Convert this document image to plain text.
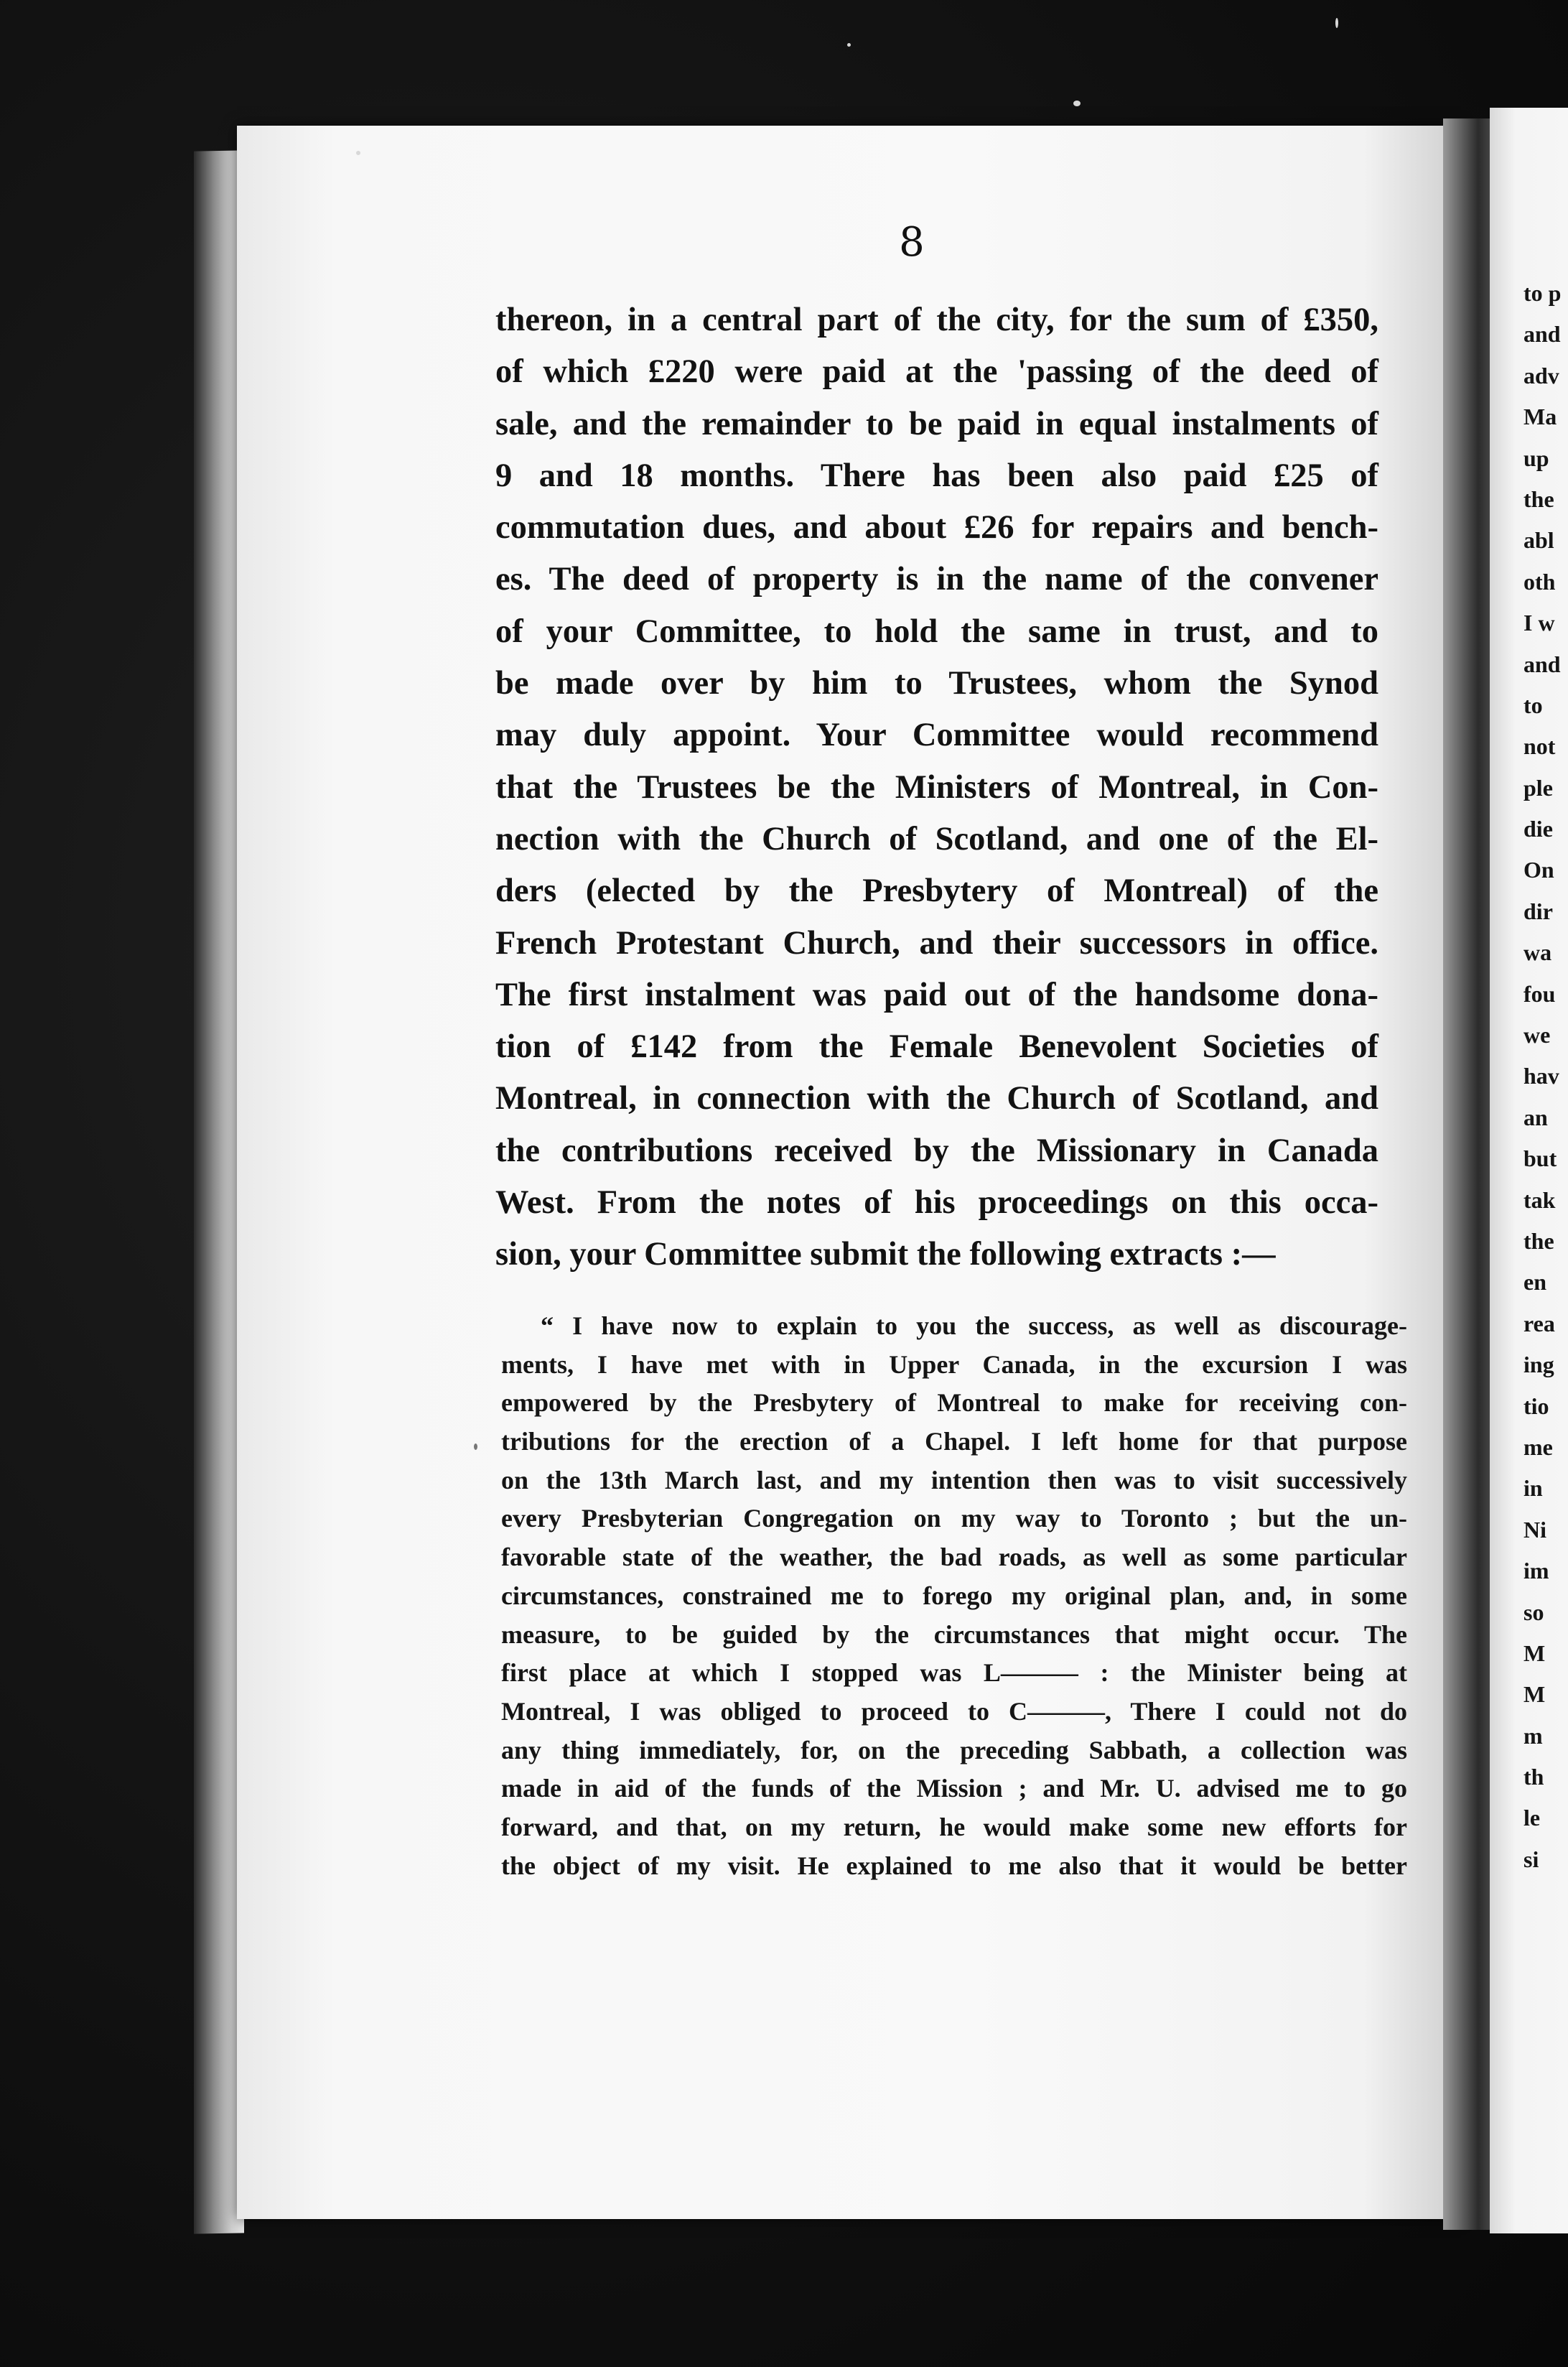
8
thereon, in a central part of the city, for the sum of £350,
of which £220 were paid at the 'passing of the deed of
sale, and the remainder to be paid in equal instalments of
9 and 18 months. There has been also paid £25 of
commutation dues, and about £26 for repairs and bench-
es. The deed of property is in the name of the convener
of your Committee, to hold the same in trust, and to
be made over by him to Trustees, whom the Synod
may duly appoint. Your Committee would recommend
that the Trustees be the Ministers of Montreal, in Con-
nection with the Church of Scotland, and one of the El-
ders (elected by the Presbytery of Montreal) of the
French Protestant Church, and their successors in office.
The first instalment was paid out of the handsome dona-
tion of £142 from the Female Benevolent Societies of
Montreal, in connection with the Church of Scotland, and
the contributions received by the Missionary in Canada
West. From the notes of his proceedings on this occa-
sion, your Committee submit the following extracts :—
“ I have now to explain to you the success, as well as discourage-
ments, I have met with in Upper Canada, in the excursion I was
empowered by the Presbytery of Montreal to make for receiving con-
tributions for the erection of a Chapel. I left home for that purpose
on the 13th March last, and my intention then was to visit successively
every Presbyterian Congregation on my way to Toronto ; but the un-
favorable state of the weather, the bad roads, as well as some particular
circumstances, constrained me to forego my original plan, and, in some
measure, to be guided by the circumstances that might occur. The
first place at which I stopped was L——— : the Minister being at
Montreal, I was obliged to proceed to C———, There I could not do
any thing immediately, for, on the preceding Sabbath, a collection was
made in aid of the funds of the Mission ; and Mr. U. advised me to go
forward, and that, on my return, he would make some new efforts for
the object of my visit. He explained to me also that it would be better
to p
and
adv
Ma
up
the
abl
oth
I w
and
to
not
ple
die
On
dir
wa
fou
we
hav
an
but
tak
the
en
rea
ing
tio
me
in
Ni
im
so
M
M
m
th
le
si
